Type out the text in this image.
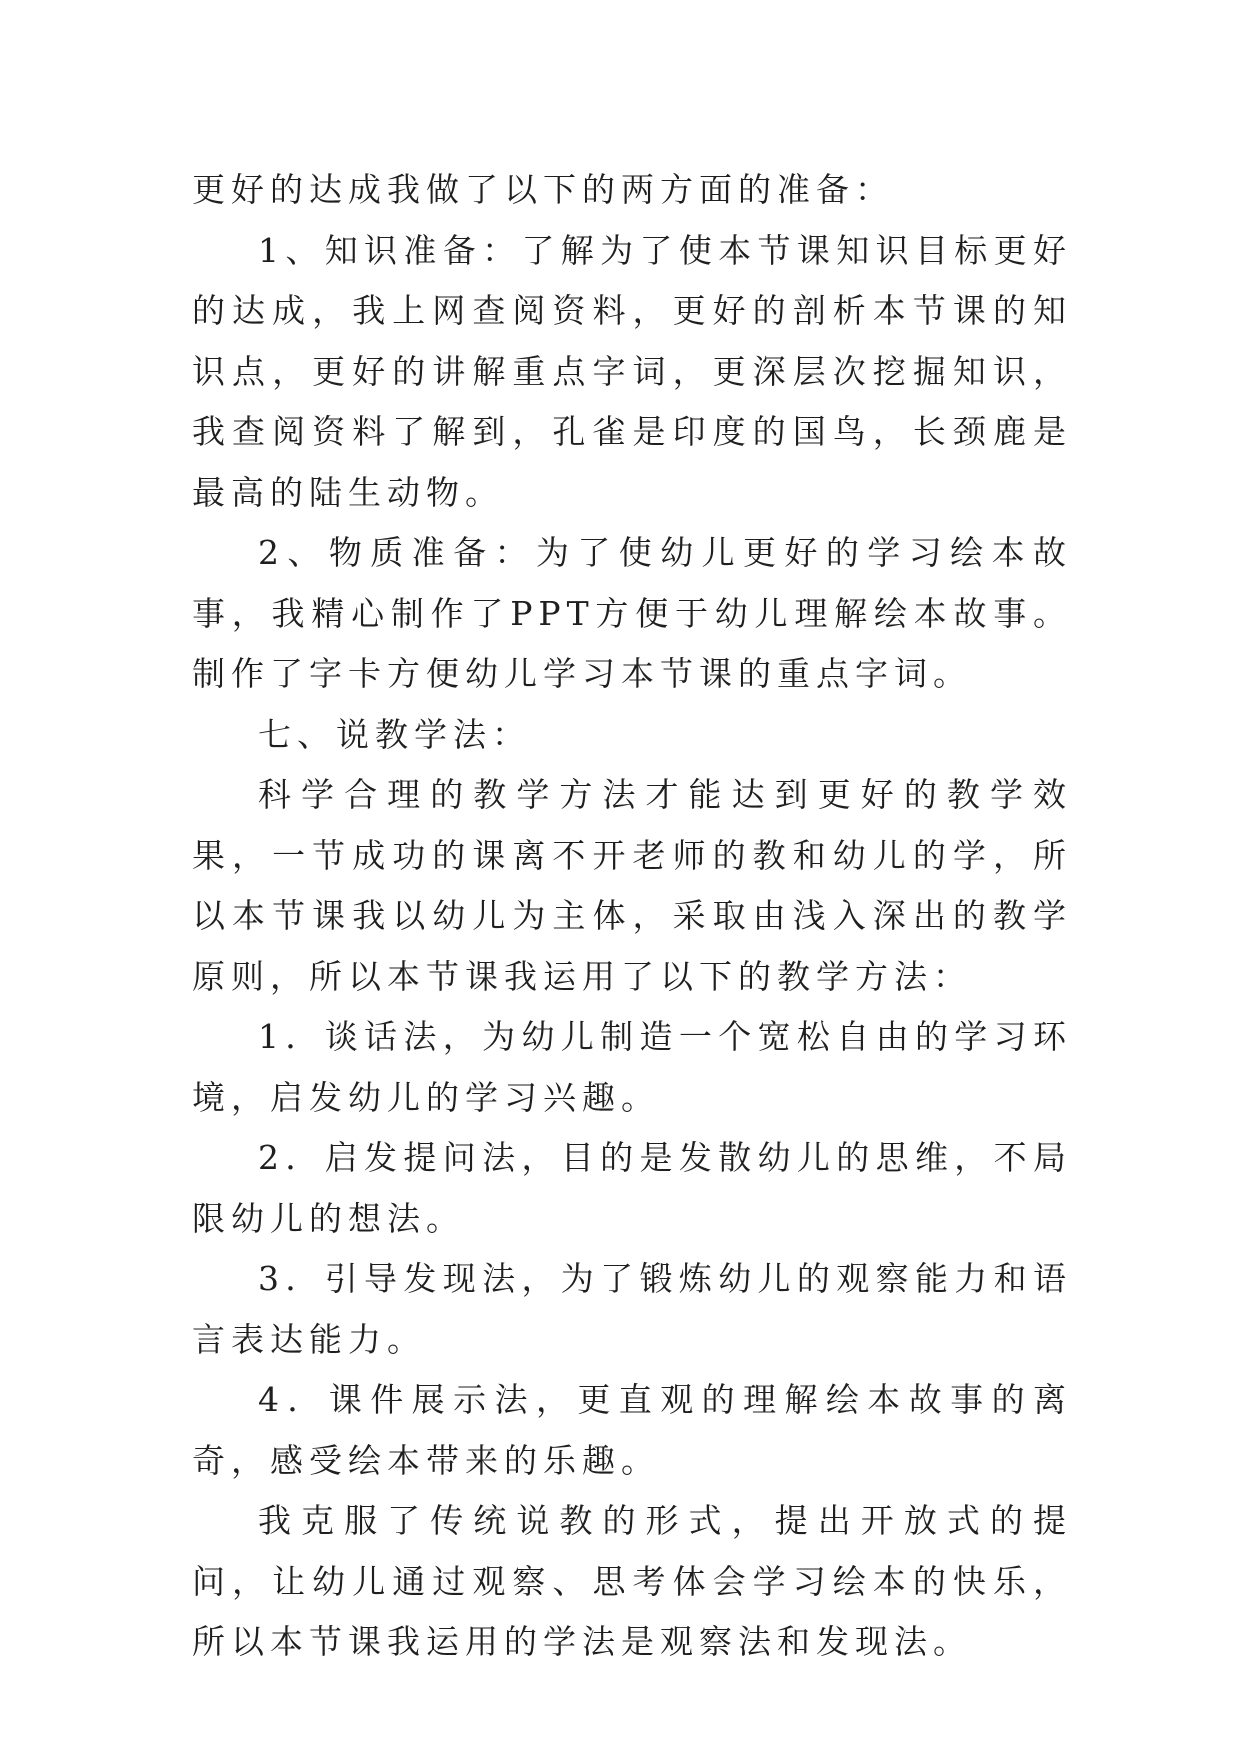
更好的达成我做了以下的两方面的准备：

1、知识准备：了解为了使本节课知识目标更好的达成，我上网查阅资料，更好的剖析本节课的知识点，更好的讲解重点字词，更深层次挖掘知识，我查阅资料了解到，孔雀是印度的国鸟，长颈鹿是最高的陆生动物。

2、物质准备：为了使幼儿更好的学习绘本故事，我精心制作了PPT方便于幼儿理解绘本故事。制作了字卡方便幼儿学习本节课的重点字词。

七、说教学法：

科学合理的教学方法才能达到更好的教学效果，一节成功的课离不开老师的教和幼儿的学，所以本节课我以幼儿为主体，采取由浅入深出的教学原则，所以本节课我运用了以下的教学方法：

1．谈话法，为幼儿制造一个宽松自由的学习环境，启发幼儿的学习兴趣。

2．启发提问法，目的是发散幼儿的思维，不局限幼儿的想法。

3．引导发现法，为了锻炼幼儿的观察能力和语言表达能力。

4．课件展示法，更直观的理解绘本故事的离奇，感受绘本带来的乐趣。

我克服了传统说教的形式，提出开放式的提问，让幼儿通过观察、思考体会学习绘本的快乐，所以本节课我运用的学法是观察法和发现法。
